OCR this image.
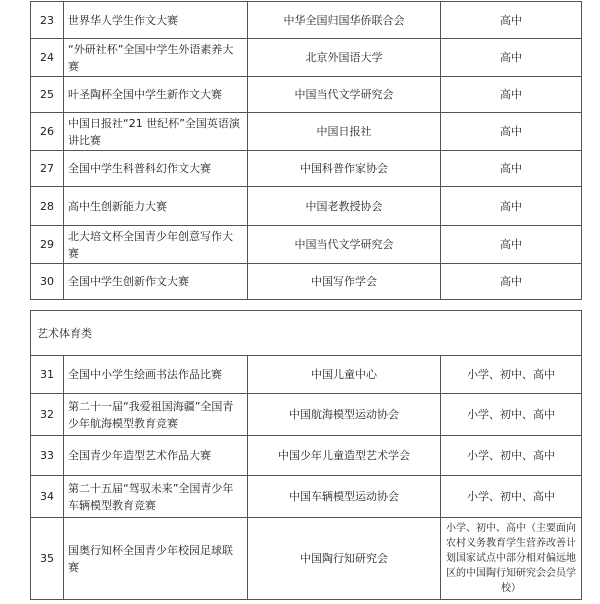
23	世界华人学生作文大赛	中华全国归国华侨联合会	高中
24	“外研社杯”全国中学生外语素养大赛	北京外国语大学	高中
25	叶圣陶杯全国中学生新作文大赛	中国当代文学研究会	高中
26	中国日报社“21 世纪杯”全国英语演讲比赛	中国日报社	高中
27	全国中学生科普科幻作文大赛	中国科普作家协会	高中
28	高中生创新能力大赛	中国老教授协会	高中
29	北大培文杯全国青少年创意写作大赛	中国当代文学研究会	高中
30	全国中学生创新作文大赛	中国写作学会	高中
艺术体育类			
31	全国中小学生绘画书法作品比赛	中国儿童中心	小学、初中、高中
32	第二十一届“我爱祖国海疆”全国青少年航海模型教育竞赛	中国航海模型运动协会	小学、初中、高中
33	全国青少年造型艺术作品大赛	中国少年儿童造型艺术学会	小学、初中、高中
34	第二十五届“驾驭未来”全国青少年车辆模型教育竞赛	中国车辆模型运动协会	小学、初中、高中
35	国奥行知杯全国青少年校园足球联赛	中国陶行知研究会	小学、初中、高中（主要面向农村义务教育学生营养改善计划国家试点中部分相对偏远地区的中国陶行知研究会会员学校）
